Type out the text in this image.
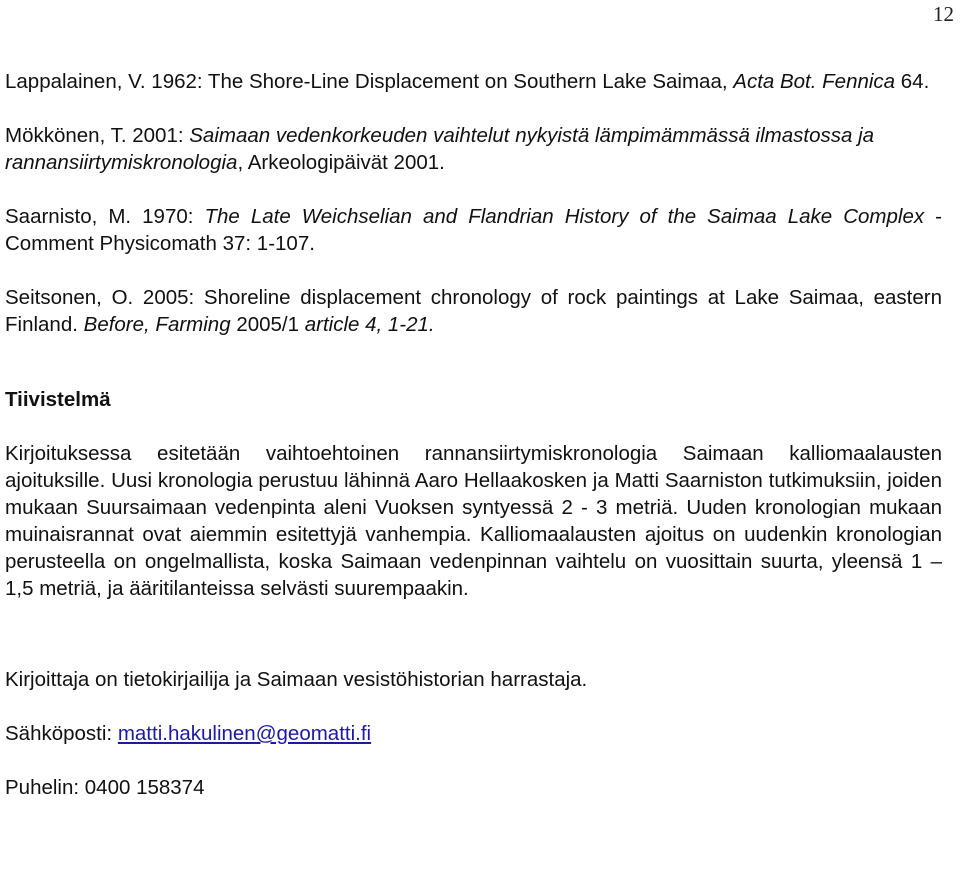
12

Lappalainen, V. 1962: The Shore-Line Displacement on Southern Lake Saimaa, Acta Bot. Fennica 64.

Mökkönen, T. 2001: Saimaan vedenkorkeuden vaihtelut nykyistä lämpimämmässä ilmastossa ja rannansiirtymiskronologia, Arkeologipäivät 2001.

Saarnisto, M. 1970: The Late Weichselian and Flandrian History of the Saimaa Lake Complex - Comment Physicomath 37: 1-107.

Seitsonen, O. 2005: Shoreline displacement chronology of rock paintings at Lake Saimaa, eastern Finland. Before, Farming 2005/1 article 4, 1-21.

Tiivistelmä

Kirjoituksessa esitetään vaihtoehtoinen rannansiirtymiskronologia Saimaan kalliomaalausten ajoituksille. Uusi kronologia perustuu lähinnä Aaro Hellaakosken ja Matti Saarniston tutkimuksiin, joiden mukaan Suursaimaan vedenpinta aleni Vuoksen syntyessä 2 - 3 metriä. Uuden kronologian mukaan muinaisrannat ovat aiemmin esitettyjä vanhempia. Kalliomaalausten ajoitus on uudenkin kronologian perusteella on ongelmallista, koska Saimaan vedenpinnan vaihtelu on vuosittain suurta, yleensä 1 – 1,5 metriä, ja ääritilanteissa selvästi suurempaakin.

Kirjoittaja on tietokirjailija ja Saimaan vesistöhistorian harrastaja.

Sähköposti: matti.hakulinen@geomatti.fi

Puhelin: 0400 158374
